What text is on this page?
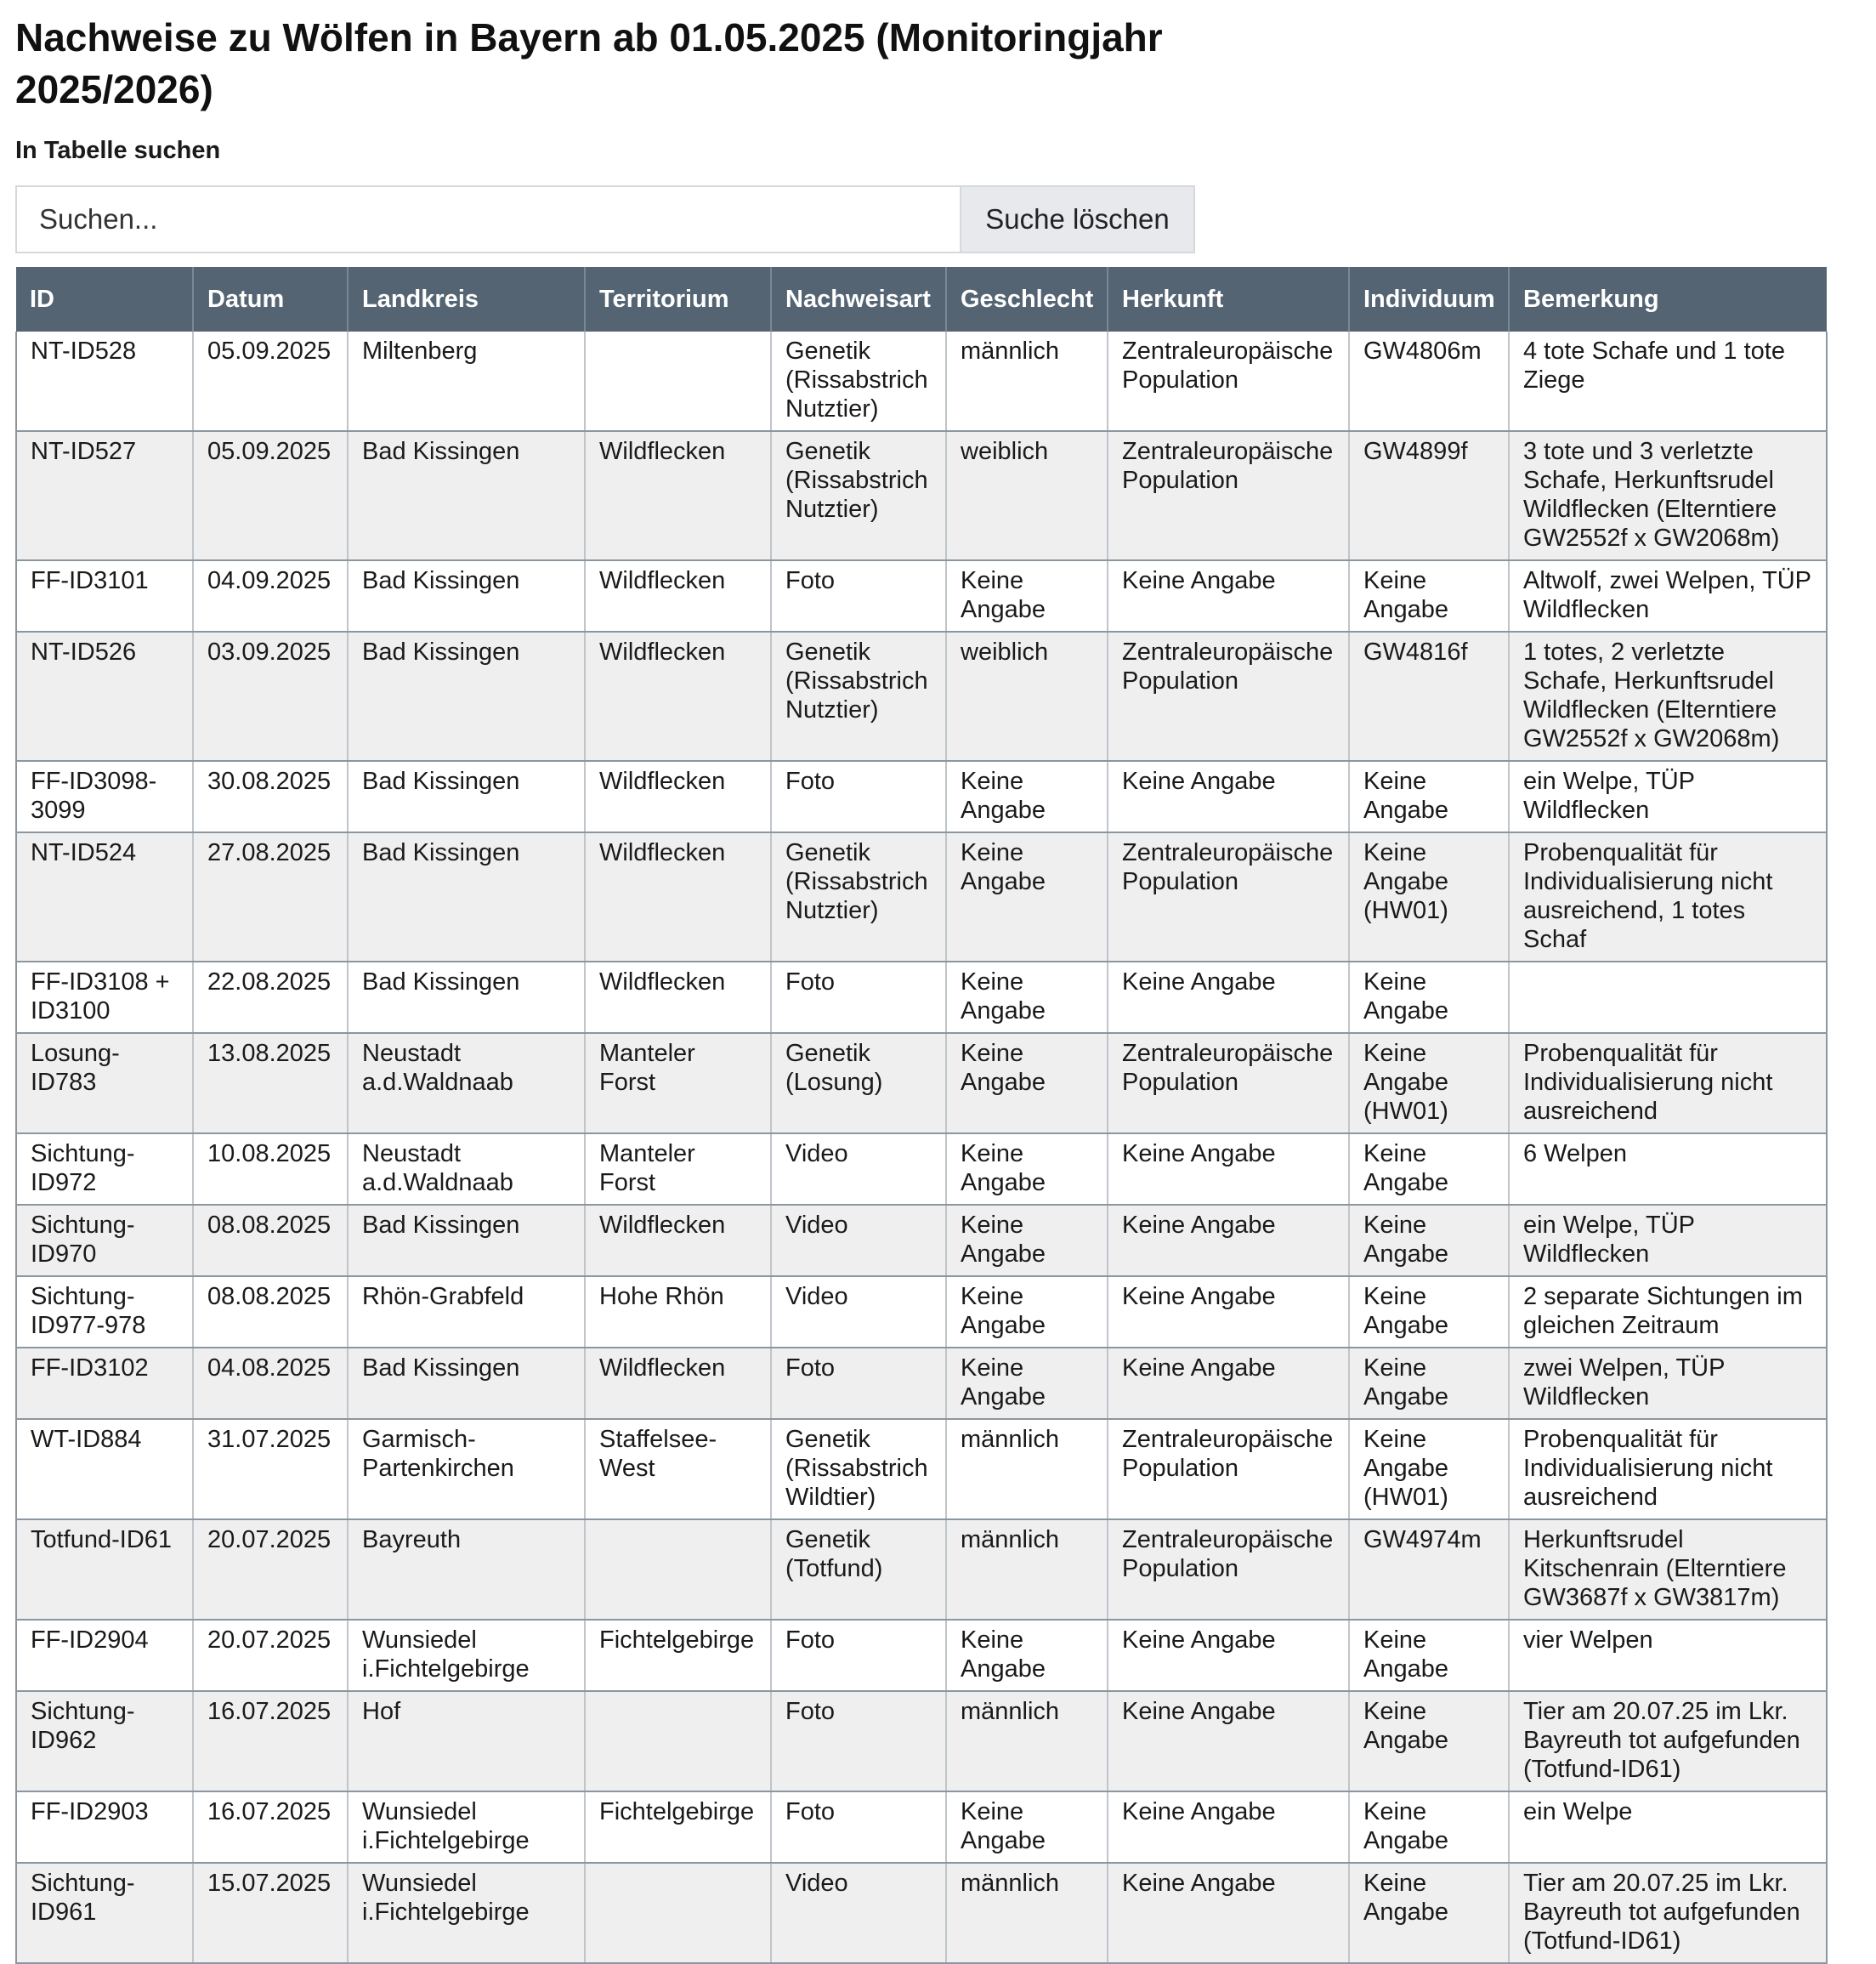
Nachweise zu Wölfen in Bayern ab 01.05.2025 (Monitoringjahr 2025/2026)
In Tabelle suchen
Suchen...
Suche löschen
ID	Datum	Landkreis	Territorium	Nachweisart	Geschlecht	Herkunft	Individuum	Bemerkung
NT-ID528	05.09.2025	Miltenberg		Genetik (Rissabstrich Nutztier)	männlich	Zentraleuropäische Population	GW4806m	4 tote Schafe und 1 tote Ziege
NT-ID527	05.09.2025	Bad Kissingen	Wildflecken	Genetik (Rissabstrich Nutztier)	weiblich	Zentraleuropäische Population	GW4899f	3 tote und 3 verletzte Schafe, Herkunftsrudel Wildflecken (Elterntiere GW2552f x GW2068m)
FF-ID3101	04.09.2025	Bad Kissingen	Wildflecken	Foto	Keine Angabe	Keine Angabe	Keine Angabe	Altwolf, zwei Welpen, TÜP Wildflecken
NT-ID526	03.09.2025	Bad Kissingen	Wildflecken	Genetik (Rissabstrich Nutztier)	weiblich	Zentraleuropäische Population	GW4816f	1 totes, 2 verletzte Schafe, Herkunftsrudel Wildflecken (Elterntiere GW2552f x GW2068m)
FF-ID3098-3099	30.08.2025	Bad Kissingen	Wildflecken	Foto	Keine Angabe	Keine Angabe	Keine Angabe	ein Welpe, TÜP Wildflecken
NT-ID524	27.08.2025	Bad Kissingen	Wildflecken	Genetik (Rissabstrich Nutztier)	Keine Angabe	Zentraleuropäische Population	Keine Angabe (HW01)	Probenqualität für Individualisierung nicht ausreichend, 1 totes Schaf
FF-ID3108 + ID3100	22.08.2025	Bad Kissingen	Wildflecken	Foto	Keine Angabe	Keine Angabe	Keine Angabe	
Losung-ID783	13.08.2025	Neustadt a.d.Waldnaab	Manteler Forst	Genetik (Losung)	Keine Angabe	Zentraleuropäische Population	Keine Angabe (HW01)	Probenqualität für Individualisierung nicht ausreichend
Sichtung-ID972	10.08.2025	Neustadt a.d.Waldnaab	Manteler Forst	Video	Keine Angabe	Keine Angabe	Keine Angabe	6 Welpen
Sichtung-ID970	08.08.2025	Bad Kissingen	Wildflecken	Video	Keine Angabe	Keine Angabe	Keine Angabe	ein Welpe, TÜP Wildflecken
Sichtung-ID977-978	08.08.2025	Rhön-Grabfeld	Hohe Rhön	Video	Keine Angabe	Keine Angabe	Keine Angabe	2 separate Sichtungen im gleichen Zeitraum
FF-ID3102	04.08.2025	Bad Kissingen	Wildflecken	Foto	Keine Angabe	Keine Angabe	Keine Angabe	zwei Welpen, TÜP Wildflecken
WT-ID884	31.07.2025	Garmisch-Partenkirchen	Staffelsee-West	Genetik (Rissabstrich Wildtier)	männlich	Zentraleuropäische Population	Keine Angabe (HW01)	Probenqualität für Individualisierung nicht ausreichend
Totfund-ID61	20.07.2025	Bayreuth		Genetik (Totfund)	männlich	Zentraleuropäische Population	GW4974m	Herkunftsrudel Kitschenrain (Elterntiere GW3687f x GW3817m)
FF-ID2904	20.07.2025	Wunsiedel i.Fichtelgebirge	Fichtelgebirge	Foto	Keine Angabe	Keine Angabe	Keine Angabe	vier Welpen
Sichtung-ID962	16.07.2025	Hof		Foto	männlich	Keine Angabe	Keine Angabe	Tier am 20.07.25 im Lkr. Bayreuth tot aufgefunden (Totfund-ID61)
FF-ID2903	16.07.2025	Wunsiedel i.Fichtelgebirge	Fichtelgebirge	Foto	Keine Angabe	Keine Angabe	Keine Angabe	ein Welpe
Sichtung-ID961	15.07.2025	Wunsiedel i.Fichtelgebirge		Video	männlich	Keine Angabe	Keine Angabe	Tier am 20.07.25 im Lkr. Bayreuth tot aufgefunden (Totfund-ID61)
